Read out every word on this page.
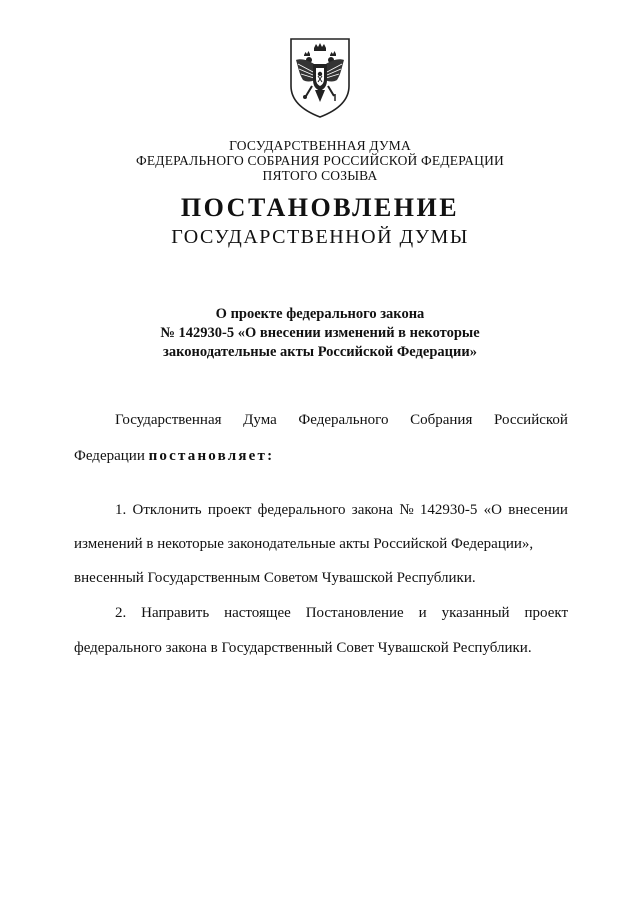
ГОСУДАРСТВЕННАЯ ДУМА
ФЕДЕРАЛЬНОГО СОБРАНИЯ РОССИЙСКОЙ ФЕДЕРАЦИИ
ПЯТОГО СОЗЫВА
ПОСТАНОВЛЕНИЕ
ГОСУДАРСТВЕННОЙ ДУМЫ
О проекте федерального закона
№ 142930-5 «О внесении изменений в некоторые
законодательные акты Российской Федерации»
Государственная Дума Федерального Собрания Российской
Федерации постановляет:
1. Отклонить проект федерального закона № 142930-5 «О внесении
изменений в некоторые законодательные акты Российской Федерации»,
внесенный Государственным Советом Чувашской Республики.
2. Направить настоящее Постановление и указанный проект
федерального закона в Государственный Совет Чувашской Республики.
